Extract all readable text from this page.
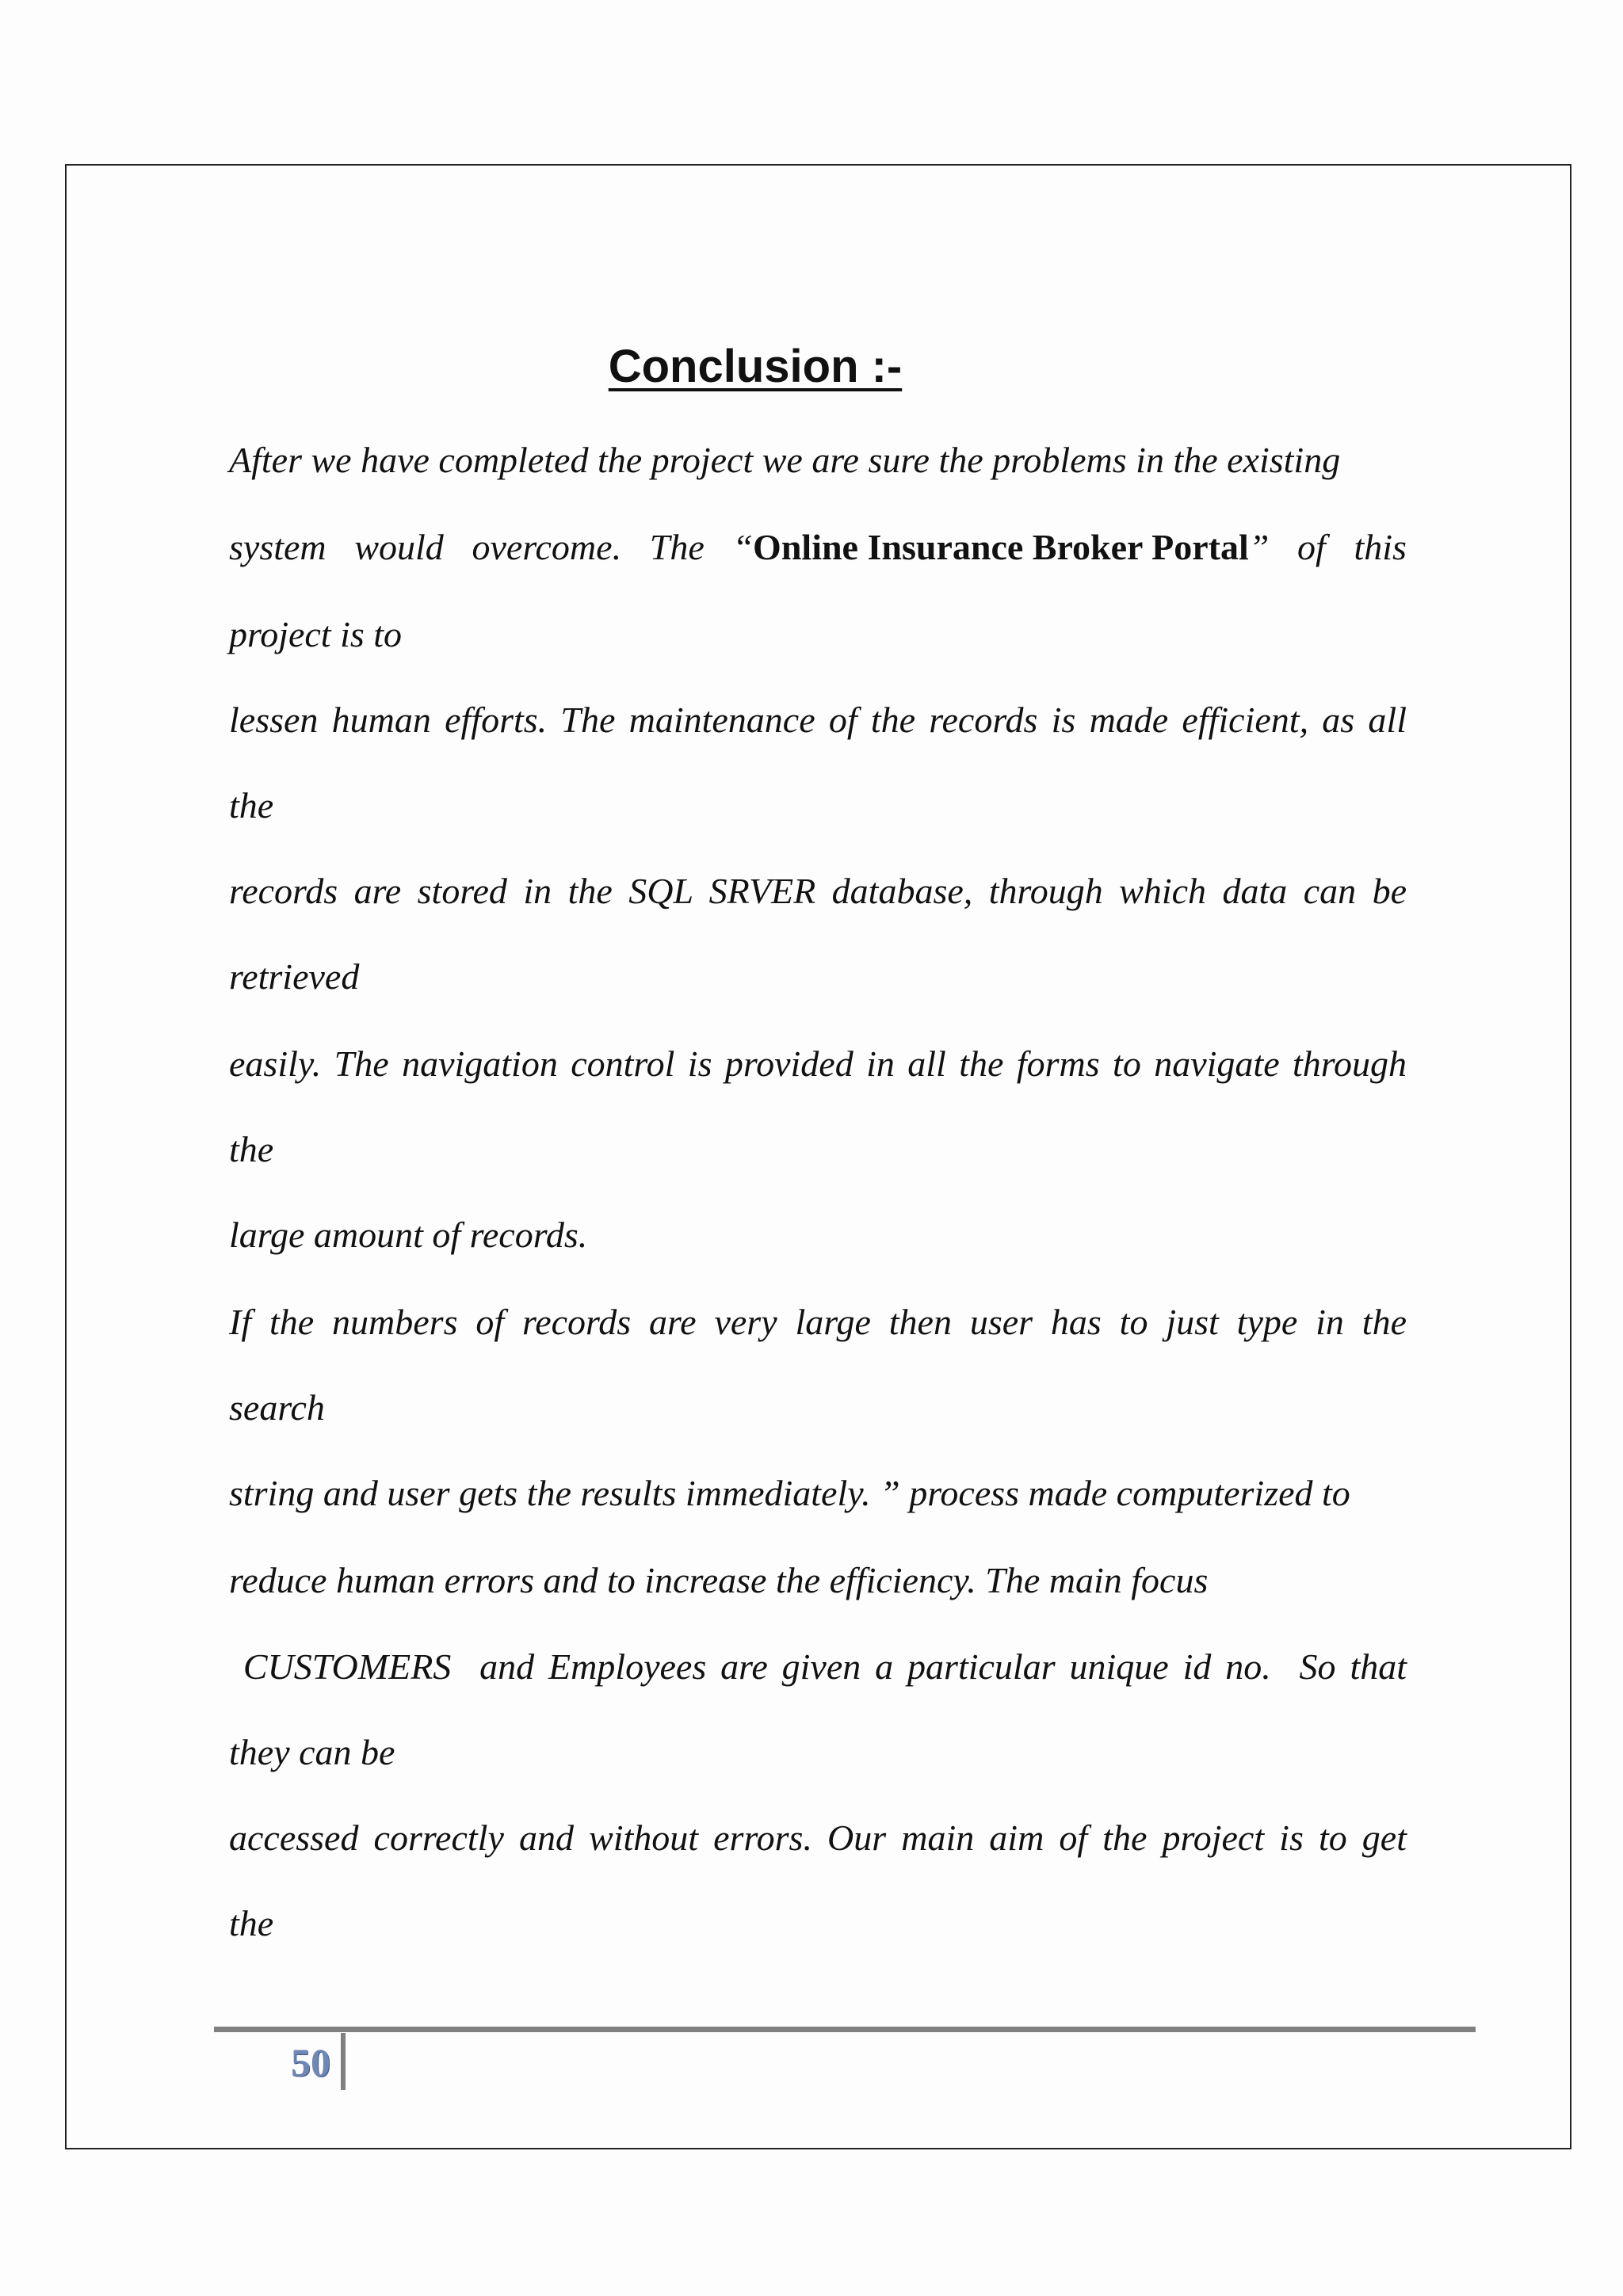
Conclusion :-
After we have completed the project we are sure the problems in the existing
system would overcome. The “Online Insurance Broker Portal” of this
project is to
lessen human efforts. The maintenance of the records is made efficient, as all
the
records are stored in the SQL SRVER database, through which data can be
retrieved
easily. The navigation control is provided in all the forms to navigate through
the
large amount of records.
If the numbers of records are very large then user has to just type in the
search
string and user gets the results immediately. ” process made computerized to
reduce human errors and to increase the efficiency. The main focus
CUSTOMERS  and Employees are given a particular unique id no.  So that
they can be
accessed correctly and without errors. Our main aim of the project is to get
the
50
